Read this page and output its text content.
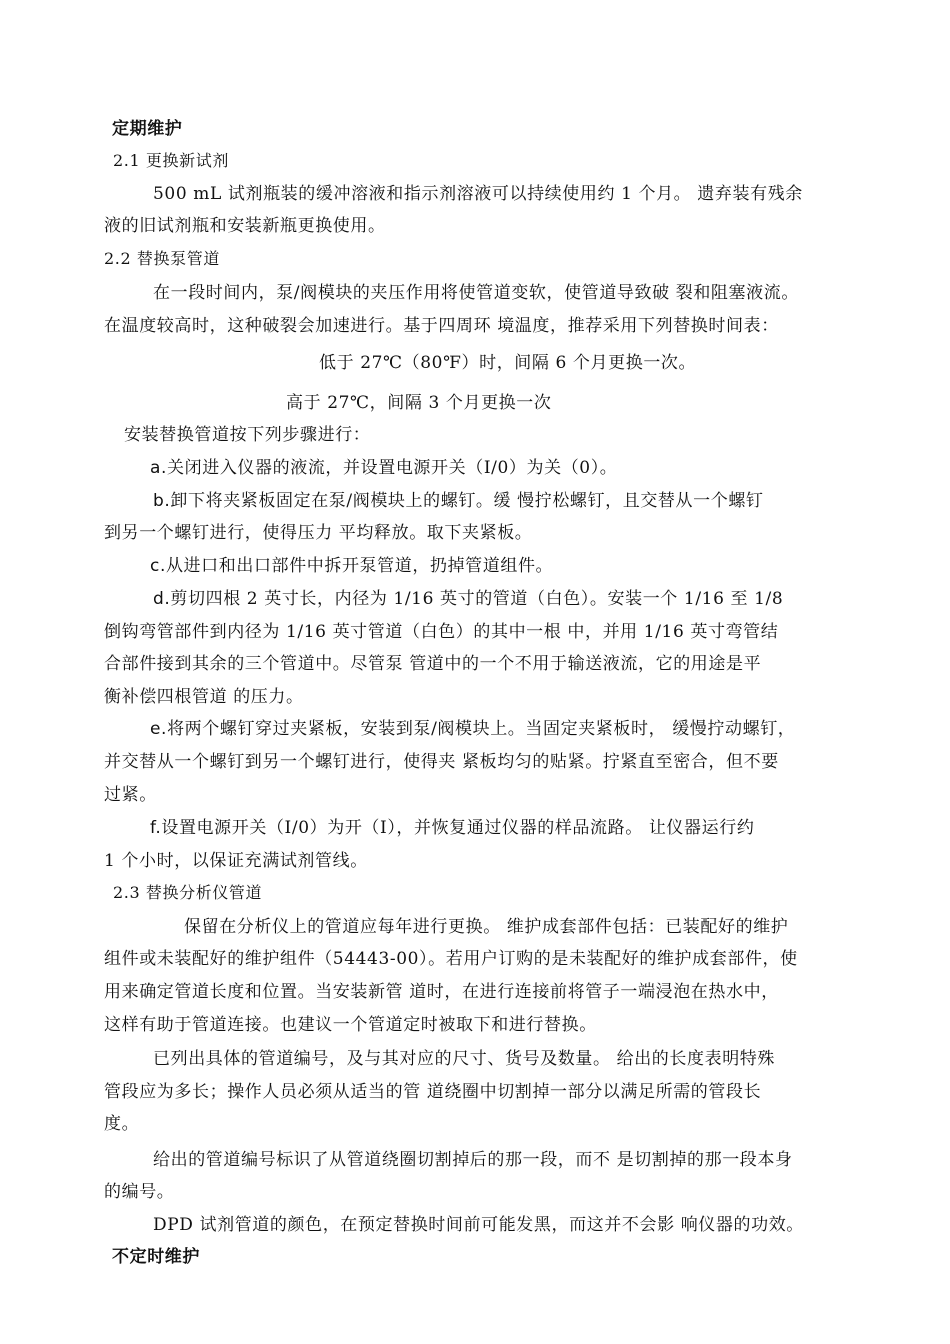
定期维护
2.1 更换新试剂
500 mL 试剂瓶装的缓冲溶液和指示剂溶液可以持续使用约 1 个月。 遗弃装有残余
液的旧试剂瓶和安装新瓶更换使用。
2.2 替换泵管道
在一段时间内，泵/阀模块的夹压作用将使管道变软，使管道导致破 裂和阻塞液流。
在温度较高时，这种破裂会加速进行。基于四周环 境温度，推荐采用下列替换时间表：
低于 27℃（80℉）时，间隔 6 个月更换一次。
高于 27℃，间隔 3 个月更换一次
安装替换管道按下列步骤进行：
a.关闭进入仪器的液流，并设置电源开关（I/0）为关（0）。
b.卸下将夹紧板固定在泵/阀模块上的螺钉。缓 慢拧松螺钉，且交替从一个螺钉
到另一个螺钉进行，使得压力 平均释放。取下夹紧板。
c.从进口和出口部件中拆开泵管道，扔掉管道组件。
d.剪切四根 2 英寸长，内径为 1/16 英寸的管道（白色）。安装一个 1/16 至 1/8
倒钩弯管部件到内径为 1/16 英寸管道（白色）的其中一根 中，并用 1/16 英寸弯管结
合部件接到其余的三个管道中。尽管泵 管道中的一个不用于输送液流，它的用途是平
衡补偿四根管道 的压力。
e.将两个螺钉穿过夹紧板，安装到泵/阀模块上。当固定夹紧板时， 缓慢拧动螺钉，
并交替从一个螺钉到另一个螺钉进行，使得夹 紧板均匀的贴紧。拧紧直至密合，但不要
过紧。
f.设置电源开关（I/0）为开（I），并恢复通过仪器的样品流路。 让仪器运行约
1 个小时，以保证充满试剂管线。
2.3 替换分析仪管道
保留在分析仪上的管道应每年进行更换。 维护成套部件包括：已装配好的维护
组件或未装配好的维护组件（54443-00）。若用户订购的是未装配好的维护成套部件，使
用来确定管道长度和位置。当安装新管 道时，在进行连接前将管子一端浸泡在热水中，
这样有助于管道连接。也建议一个管道定时被取下和进行替换。
已列出具体的管道编号，及与其对应的尺寸、货号及数量。 给出的长度表明特殊
管段应为多长；操作人员必须从适当的管 道绕圈中切割掉一部分以满足所需的管段长
度。
给出的管道编号标识了从管道绕圈切割掉后的那一段，而不 是切割掉的那一段本身
的编号。
DPD 试剂管道的颜色，在预定替换时间前可能发黑，而这并不会影 响仪器的功效。
不定时维护
